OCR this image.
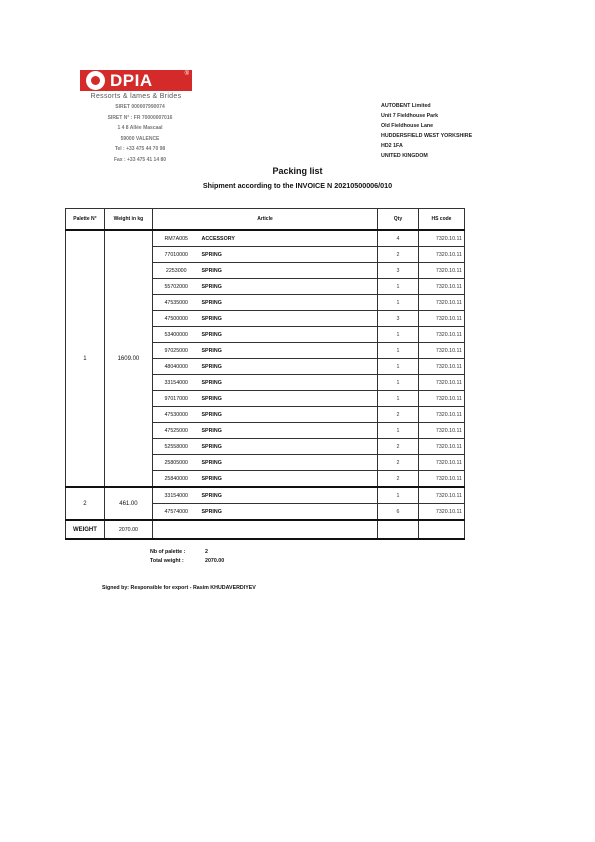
DPIA	®
Ressorts & lames & Brides
SIRET 000007990074
SIRET N° : FR 70000007016
1 4 8 Allée Mascaal
59000 VALENCE
Tel : +33 475 44 70 98
Fax : +33 475 41 14 80
AUTOBENT Limited
Unit 7 Fieldhouse Park
Old Fieldhouse Lane
HUDDERSFIELD WEST YORKSHIRE
HD2 1FA
UNITED KINGDOM
Packing list
Shipment according to the INVOICE N 20210500006/010
Palette N°	Weight in kg	Article		Qty	HS code
1	1609.00	RM7A005	ACCESSORY	4	7320.10.11
		77010000	SPRING	2	7320.10.11
		2253000	SPRING	3	7320.10.11
		55702000	SPRING	1	7320.10.11
		47535000	SPRING	1	7320.10.11
		47500000	SPRING	3	7320.10.11
		53400000	SPRING	1	7320.10.11
		97025000	SPRING	1	7320.10.11
		48040000	SPRING	1	7320.10.11
		33154000	SPRING	1	7320.10.11
		97017000	SPRING	1	7320.10.11
		47530000	SPRING	2	7320.10.11
		47525000	SPRING	1	7320.10.11
		52558000	SPRING	2	7320.10.11
		25805000	SPRING	2	7320.10.11
		25840000	SPRING	2	7320.10.11
2	461.00	33154000	SPRING	1	7320.10.11
		47574000	SPRING	6	7320.10.11
WEIGHT	2070.00				
Nb of palette :	2
Total weight :	2070.00
Signed by: Responsible for export - Rasim KHUDAVERDIYEV
